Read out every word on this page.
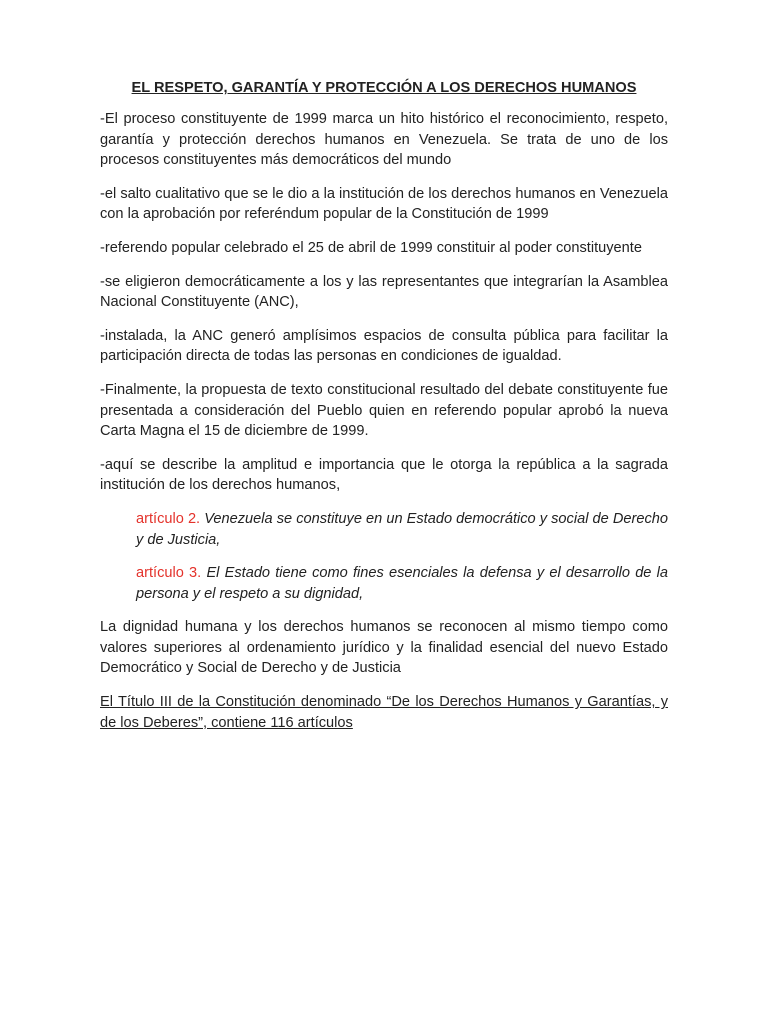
EL RESPETO, GARANTÍA Y PROTECCIÓN A LOS DERECHOS HUMANOS

-El proceso constituyente de 1999 marca un hito histórico el reconocimiento, respeto, garantía y protección derechos humanos en Venezuela. Se trata de uno de los procesos constituyentes más democráticos del mundo

-el salto cualitativo que se le dio a la institución de los derechos humanos en Venezuela con la aprobación por referéndum popular de la Constitución de 1999

-referendo popular celebrado el 25 de abril de 1999 constituir al poder constituyente

-se eligieron democráticamente a los y las representantes que integrarían la Asamblea Nacional Constituyente (ANC),

-instalada, la ANC generó amplísimos espacios de consulta pública para facilitar la participación directa de todas las personas en condiciones de igualdad.

-Finalmente, la propuesta de texto constitucional resultado del debate constituyente fue presentada a consideración del Pueblo quien en referendo popular aprobó la nueva Carta Magna el 15 de diciembre de 1999.

-aquí se describe la amplitud e importancia que le otorga la república a la sagrada institución de los derechos humanos,

artículo 2. Venezuela se constituye en un Estado democrático y social de Derecho y de Justicia,

artículo 3. El Estado tiene como fines esenciales la defensa y el desarrollo de la persona y el respeto a su dignidad,

La dignidad humana y los derechos humanos se reconocen al mismo tiempo como valores superiores al ordenamiento jurídico y la finalidad esencial del nuevo Estado Democrático y Social de Derecho y de Justicia

El Título III de la Constitución denominado “De los Derechos Humanos y Garantías, y de los Deberes”, contiene 116 artículos
